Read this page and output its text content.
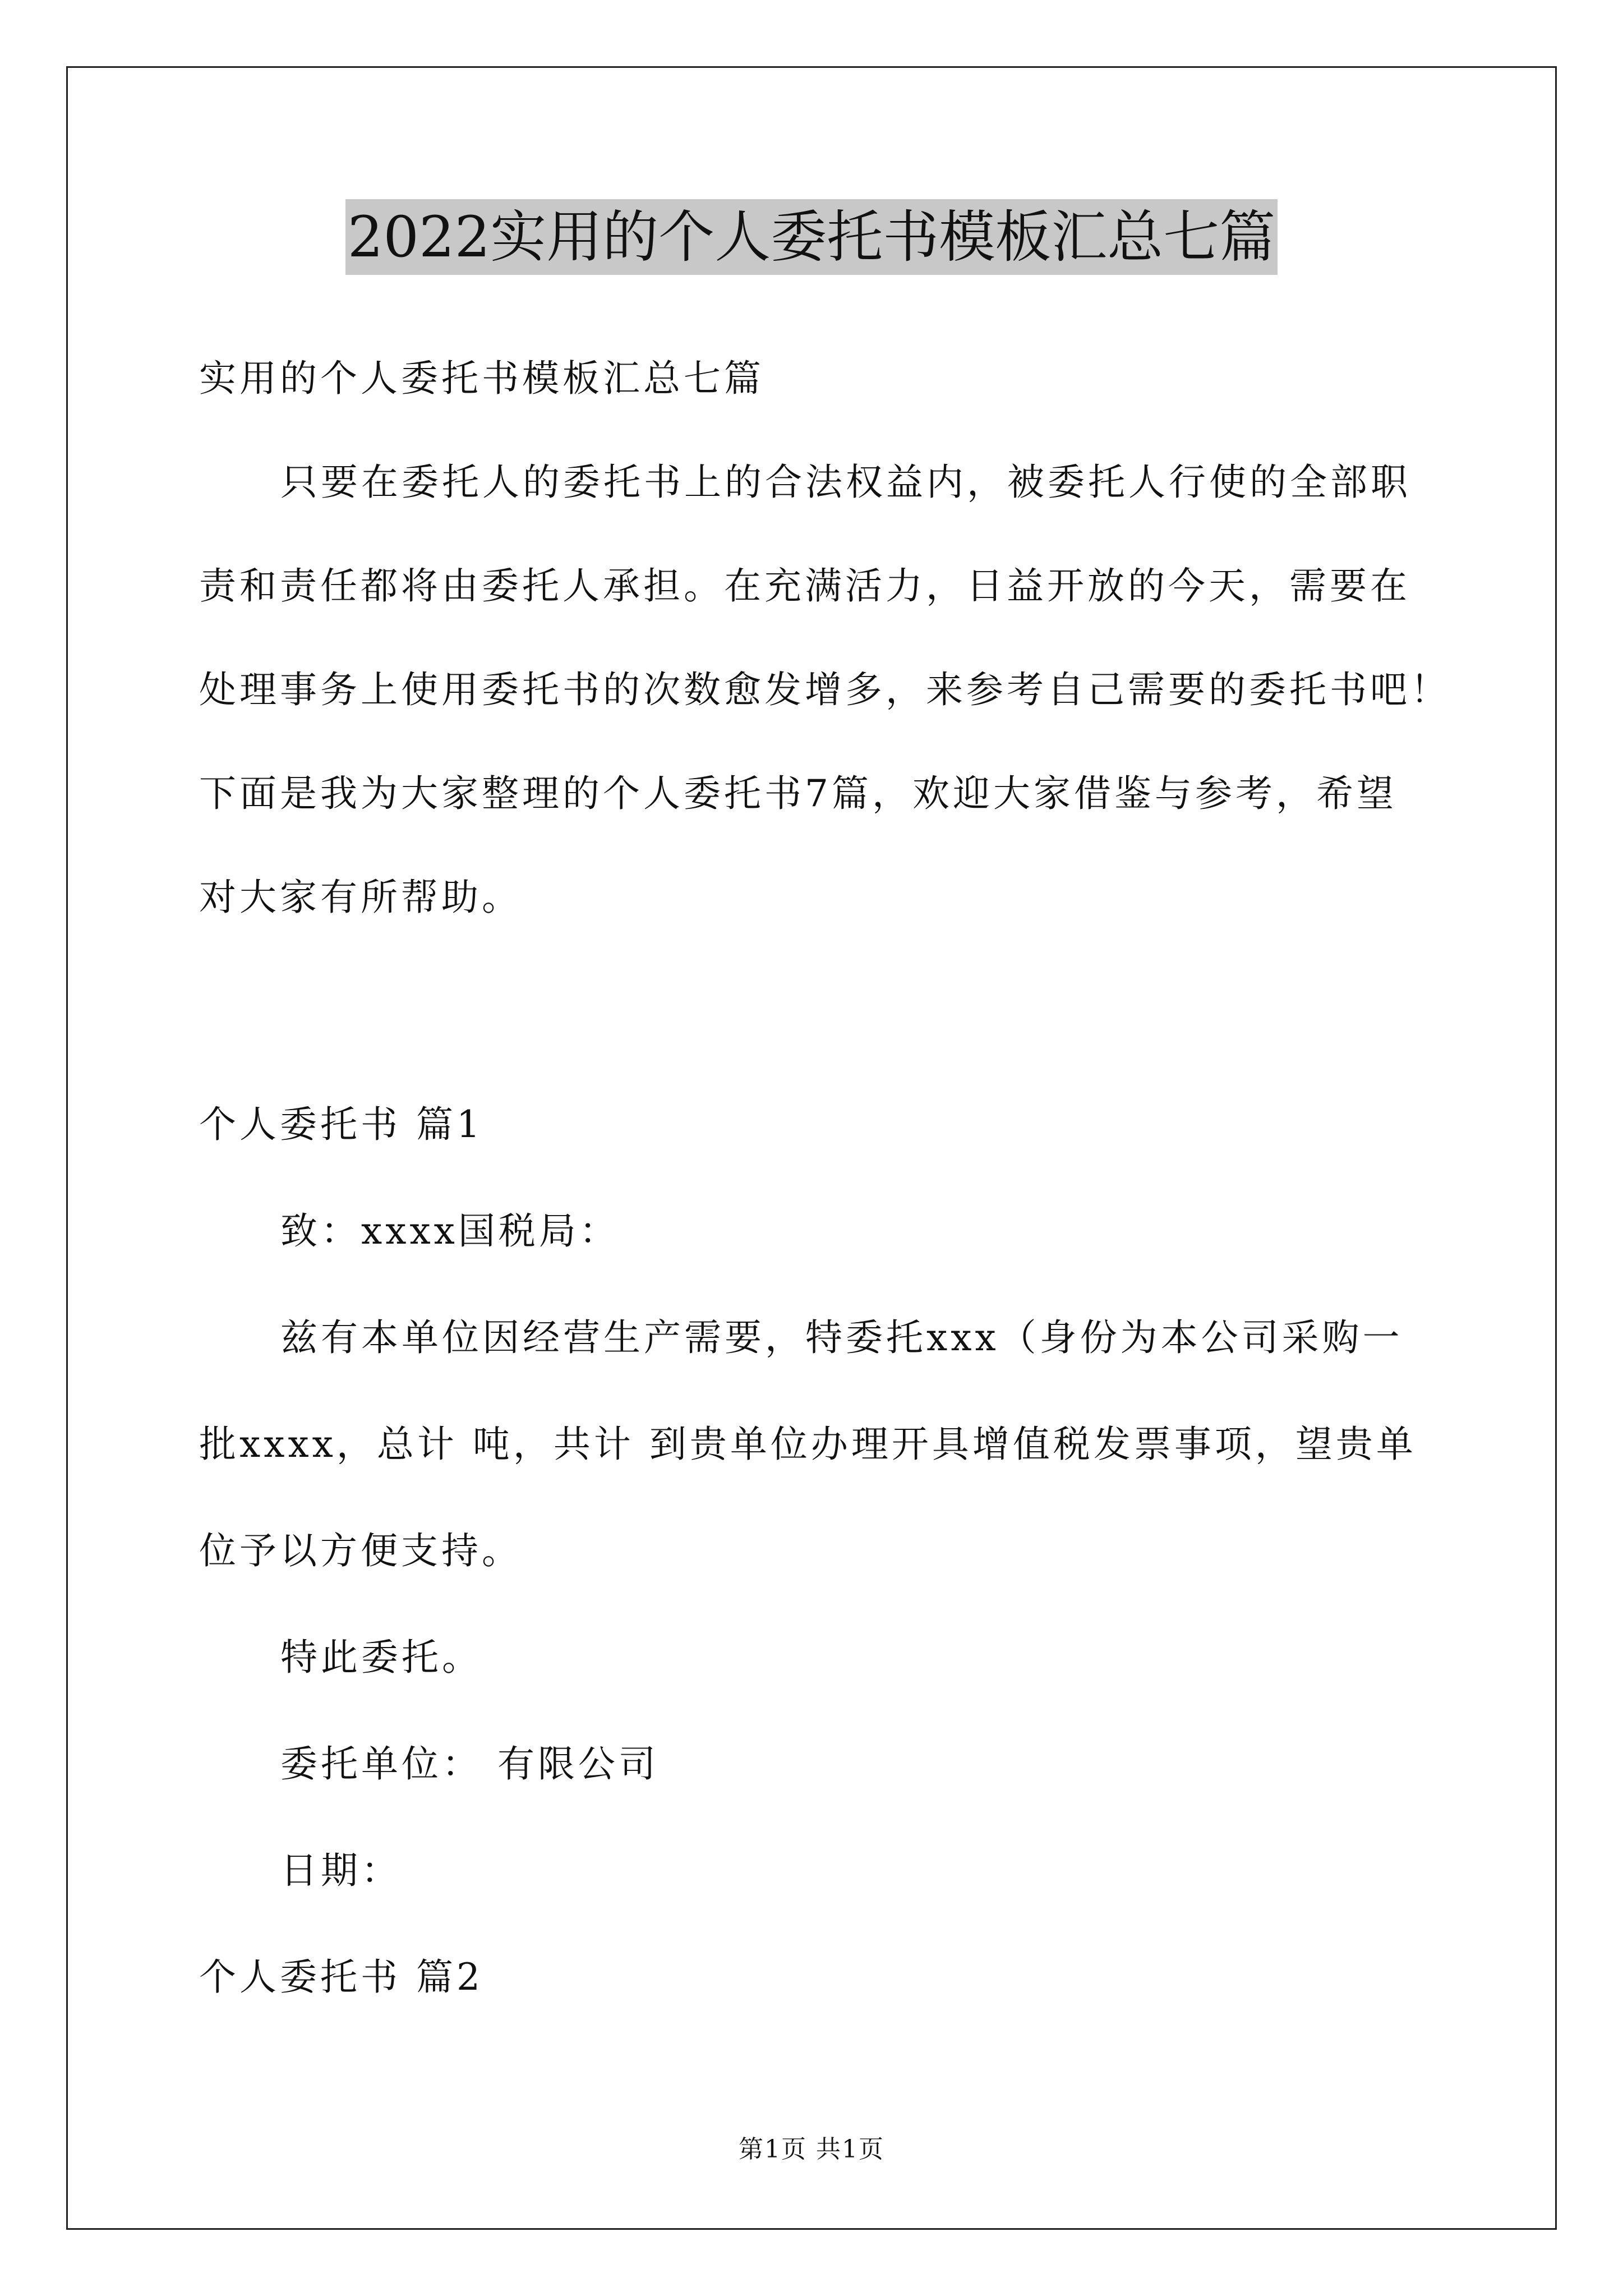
2022实用的个人委托书模板汇总七篇
实用的个人委托书模板汇总七篇
只要在委托人的委托书上的合法权益内，被委托人行使的全部职
责和责任都将由委托人承担。在充满活力，日益开放的今天，需要在
处理事务上使用委托书的次数愈发增多，来参考自己需要的委托书吧！
下面是我为大家整理的个人委托书7篇，欢迎大家借鉴与参考，希望
对大家有所帮助。
个人委托书 篇1
致：xxxx国税局：
兹有本单位因经营生产需要，特委托xxx（身份为本公司采购一
批xxxx，总计 吨，共计 到贵单位办理开具增值税发票事项，望贵单
位予以方便支持。
特此委托。
委托单位： 有限公司
日期：
个人委托书 篇2
第1页 共1页
